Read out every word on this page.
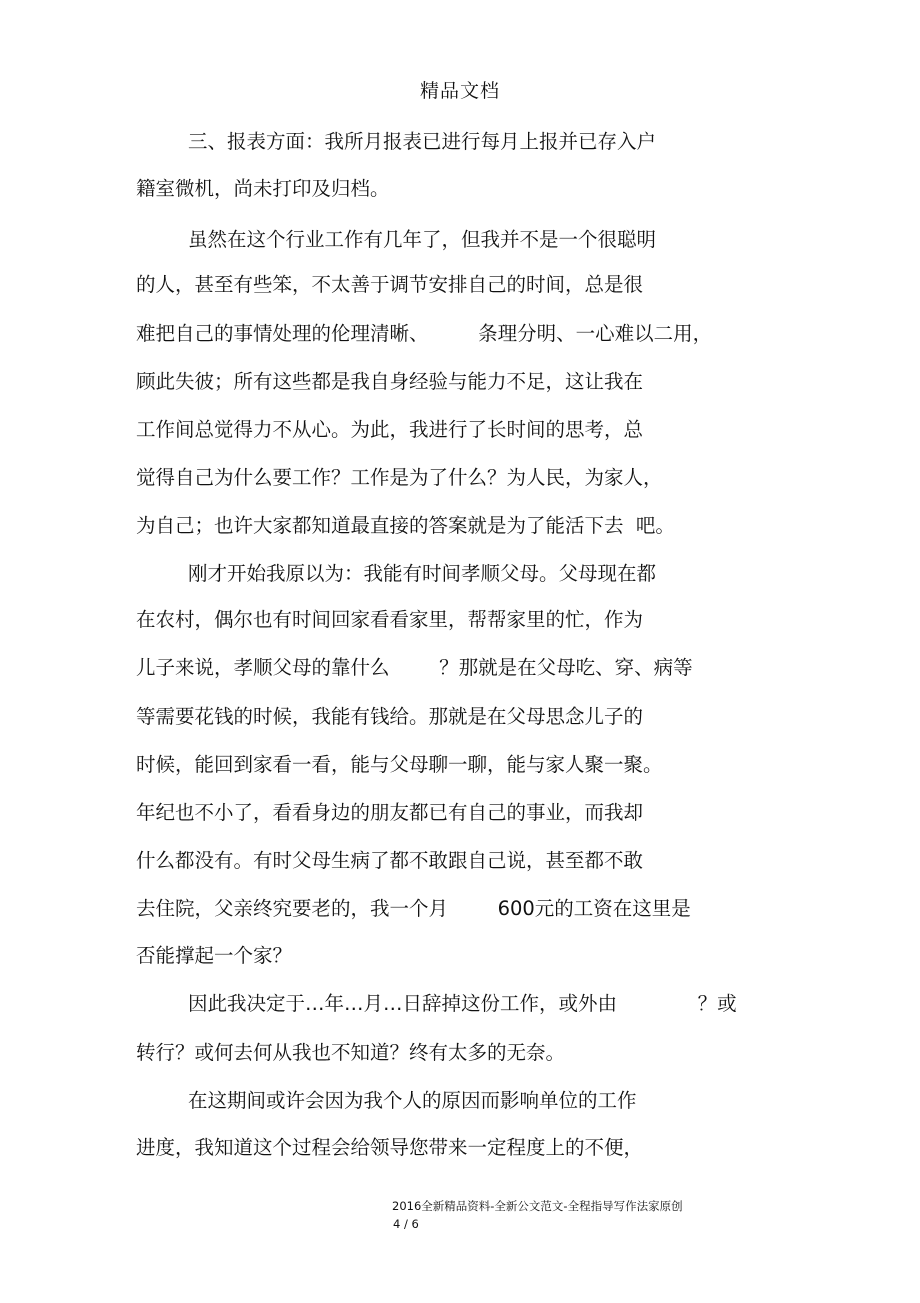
精品文档
三、报表方面：我所月报表已进行每月上报并已存入户
籍室微机，尚未打印及归档。
虽然在这个行业工作有几年了，但我并不是一个很聪明
的人，甚至有些笨，不太善于调节安排自己的时间，总是很
难把自己的事情处理的伦理清晰、        条理分明、一心难以二用，
顾此失彼；所有这些都是我自身经验与能力不足，这让我在
工作间总觉得力不从心。为此，我进行了长时间的思考，总
觉得自己为什么要工作？工作是为了什么？为人民，为家人，
为自己；也许大家都知道最直接的答案就是为了能活下去  吧。
刚才开始我原以为：我能有时间孝顺父母。父母现在都
在农村，偶尔也有时间回家看看家里，帮帮家里的忙，作为
儿子来说，孝顺父母的靠什么        ？那就是在父母吃、穿、病等
等需要花钱的时候，我能有钱给。那就是在父母思念儿子的
时候，能回到家看一看，能与父母聊一聊，能与家人聚一聚。
年纪也不小了，看看身边的朋友都已有自己的事业，而我却
什么都没有。有时父母生病了都不敢跟自己说，甚至都不敢
去住院，父亲终究要老的，我一个月        600元的工资在这里是
否能撑起一个家？
因此我决定于…年…月…日辞掉这份工作，或外由             ？或
转行？或何去何从我也不知道？终有太多的无奈。
在这期间或许会因为我个人的原因而影响单位的工作
进度，我知道这个过程会给领导您带来一定程度上的不便，
2016全新精品资料-全新公文范文-全程指导写作法家原创
4 / 6
